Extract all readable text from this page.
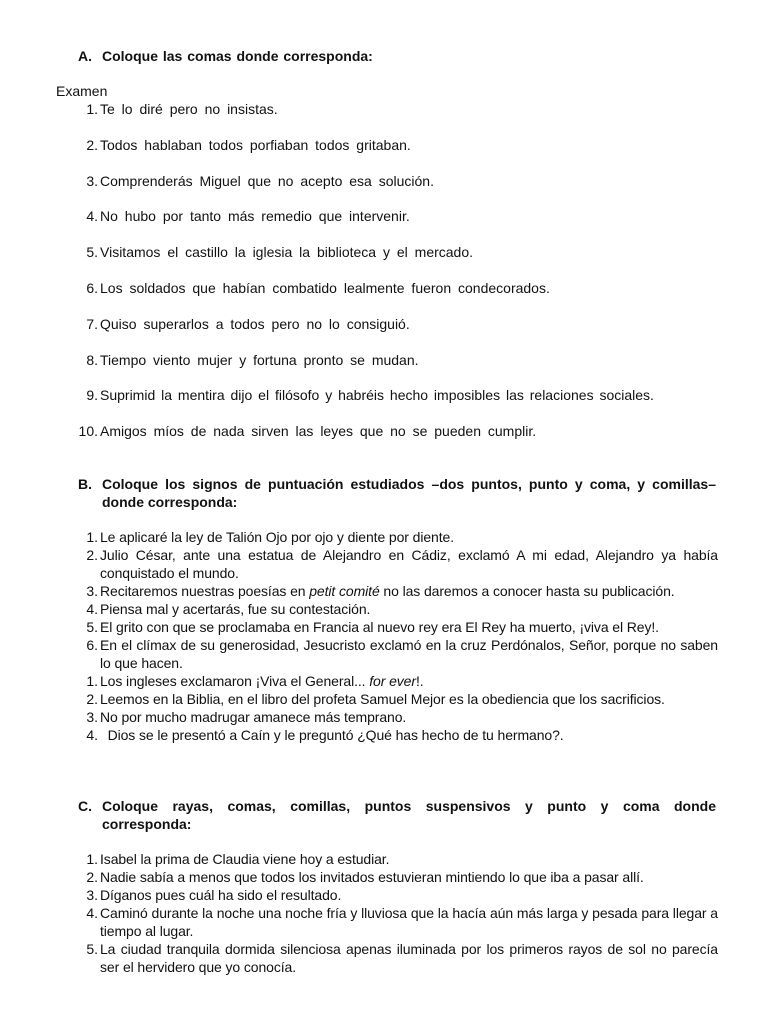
A. Coloque las comas donde corresponda:
Examen
1. Te lo diré pero no insistas.
2. Todos hablaban todos porfiaban todos gritaban.
3. Comprenderás Miguel que no acepto esa solución.
4. No hubo por tanto más remedio que intervenir.
5. Visitamos el castillo la iglesia la biblioteca y el mercado.
6. Los soldados que habían combatido lealmente fueron condecorados.
7. Quiso superarlos a todos pero no lo consiguió.
8. Tiempo viento mujer y fortuna pronto se mudan.
9. Suprimid la mentira dijo el filósofo y habréis hecho imposibles las relaciones sociales.
10. Amigos míos de nada sirven las leyes que no se pueden cumplir.
B. Coloque los signos de puntuación estudiados –dos puntos, punto y coma, y comillas– donde corresponda:
1. Le aplicaré la ley de Talión Ojo por ojo y diente por diente.
2. Julio César, ante una estatua de Alejandro en Cádiz, exclamó A mi edad, Alejandro ya había conquistado el mundo.
3. Recitaremos nuestras poesías en petit comité no las daremos a conocer hasta su publicación.
4. Piensa mal y acertarás, fue su contestación.
5. El grito con que se proclamaba en Francia al nuevo rey era El Rey ha muerto, ¡viva el Rey!.
6. En el clímax de su generosidad, Jesucristo exclamó en la cruz Perdónalos, Señor, porque no saben lo que hacen.
1. Los ingleses exclamaron ¡Viva el General... for ever!.
2. Leemos en la Biblia, en el libro del profeta Samuel Mejor es la obediencia que los sacrificios.
3. No por mucho madrugar amanece más temprano.
4. Dios se le presentó a Caín y le preguntó ¿Qué has hecho de tu hermano?.
C. Coloque rayas, comas, comillas, puntos suspensivos y punto y coma donde corresponda:
1. Isabel la prima de Claudia viene hoy a estudiar.
2. Nadie sabía a menos que todos los invitados estuvieran mintiendo lo que iba a pasar allí.
3. Díganos pues cuál ha sido el resultado.
4. Caminó durante la noche una noche fría y lluviosa que la hacía aún más larga y pesada para llegar a tiempo al lugar.
5. La ciudad tranquila dormida silenciosa apenas iluminada por los primeros rayos de sol no parecía ser el hervidero que yo conocía.
